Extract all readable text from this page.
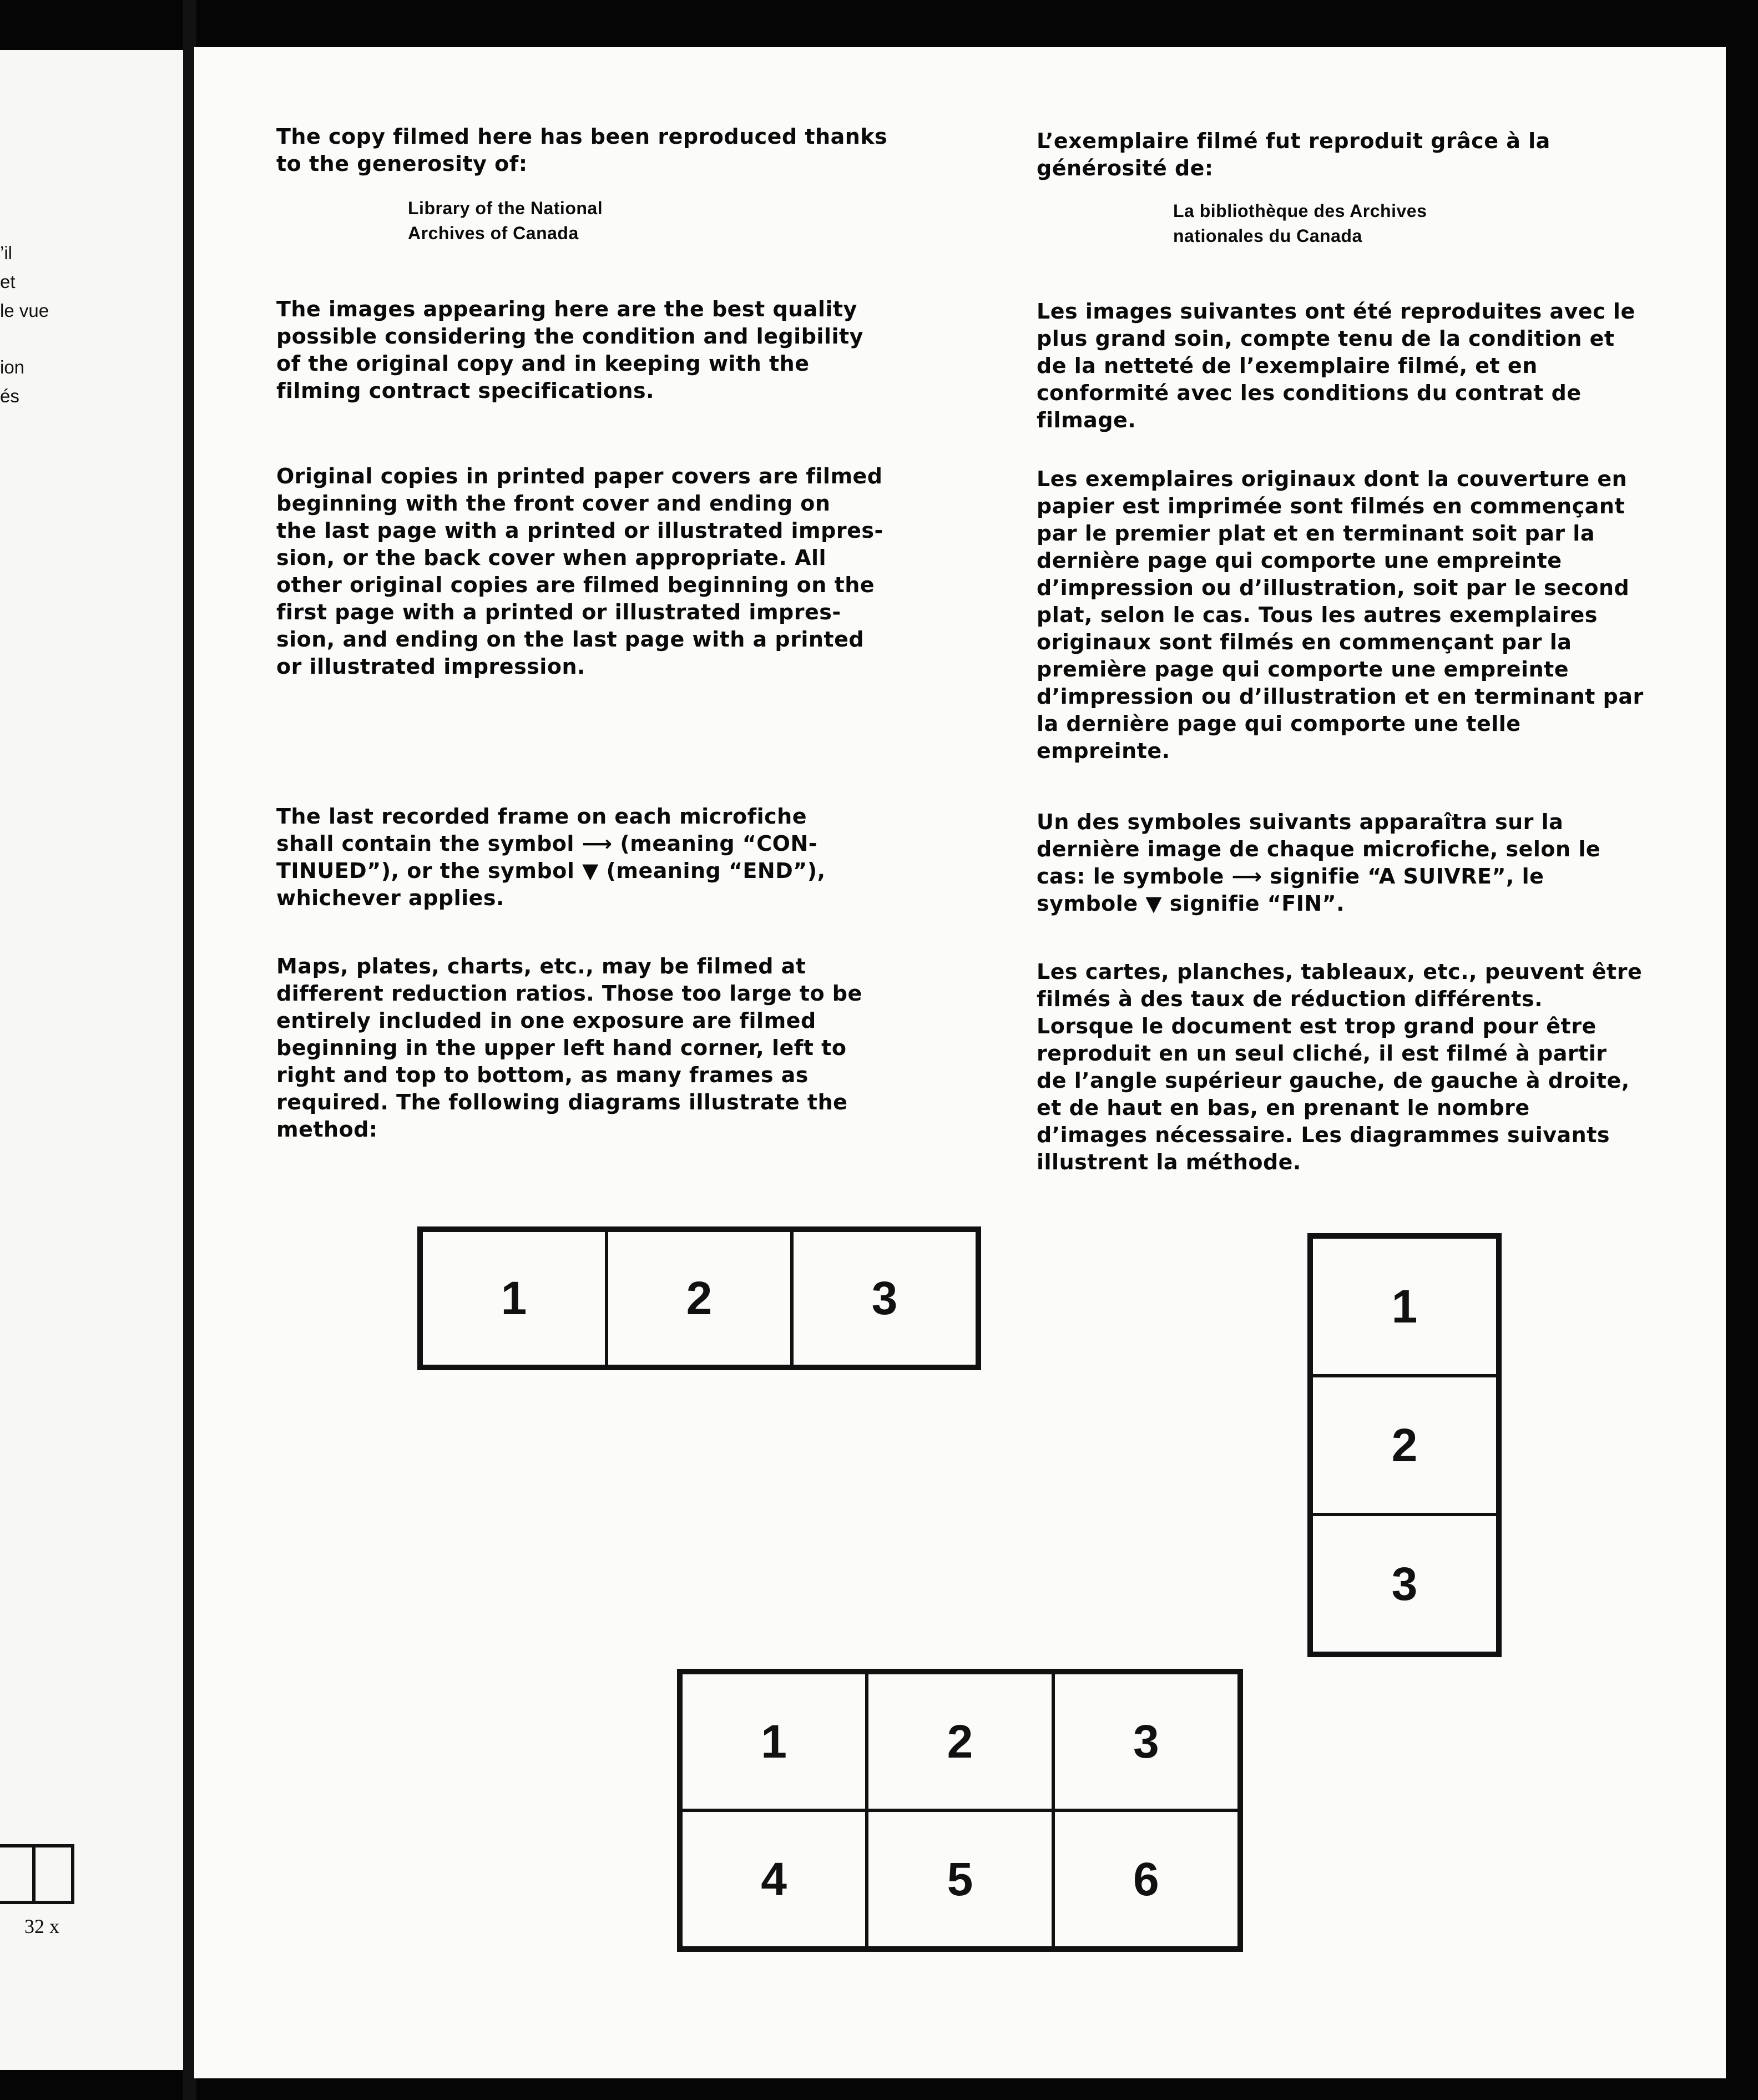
’il
et
le vue
ion
és
32 x

The copy filmed here has been reproduced thanks
to the generosity of:

Library of the National
Archives of Canada

The images appearing here are the best quality
possible considering the condition and legibility
of the original copy and in keeping with the
filming contract specifications.

Original copies in printed paper covers are filmed
beginning with the front cover and ending on
the last page with a printed or illustrated impres-
sion, or the back cover when appropriate. All
other original copies are filmed beginning on the
first page with a printed or illustrated impres-
sion, and ending on the last page with a printed
or illustrated impression.

The last recorded frame on each microfiche
shall contain the symbol ⟶ (meaning “CON-
TINUED”), or the symbol ▼ (meaning “END”),
whichever applies.

Maps, plates, charts, etc., may be filmed at
different reduction ratios. Those too large to be
entirely included in one exposure are filmed
beginning in the upper left hand corner, left to
right and top to bottom, as many frames as
required. The following diagrams illustrate the
method:

L’exemplaire filmé fut reproduit grâce à la
générosité de:

La bibliothèque des Archives
nationales du Canada

Les images suivantes ont été reproduites avec le
plus grand soin, compte tenu de la condition et
de la netteté de l’exemplaire filmé, et en
conformité avec les conditions du contrat de
filmage.

Les exemplaires originaux dont la couverture en
papier est imprimée sont filmés en commençant
par le premier plat et en terminant soit par la
dernière page qui comporte une empreinte
d’impression ou d’illustration, soit par le second
plat, selon le cas. Tous les autres exemplaires
originaux sont filmés en commençant par la
première page qui comporte une empreinte
d’impression ou d’illustration et en terminant par
la dernière page qui comporte une telle
empreinte.

Un des symboles suivants apparaîtra sur la
dernière image de chaque microfiche, selon le
cas: le symbole ⟶ signifie “A SUIVRE”, le
symbole ▼ signifie “FIN”.

Les cartes, planches, tableaux, etc., peuvent être
filmés à des taux de réduction différents.
Lorsque le document est trop grand pour être
reproduit en un seul cliché, il est filmé à partir
de l’angle supérieur gauche, de gauche à droite,
et de haut en bas, en prenant le nombre
d’images nécessaire. Les diagrammes suivants
illustrent la méthode.

1	2	3	1
2
3
1	2	3
4	5	6
